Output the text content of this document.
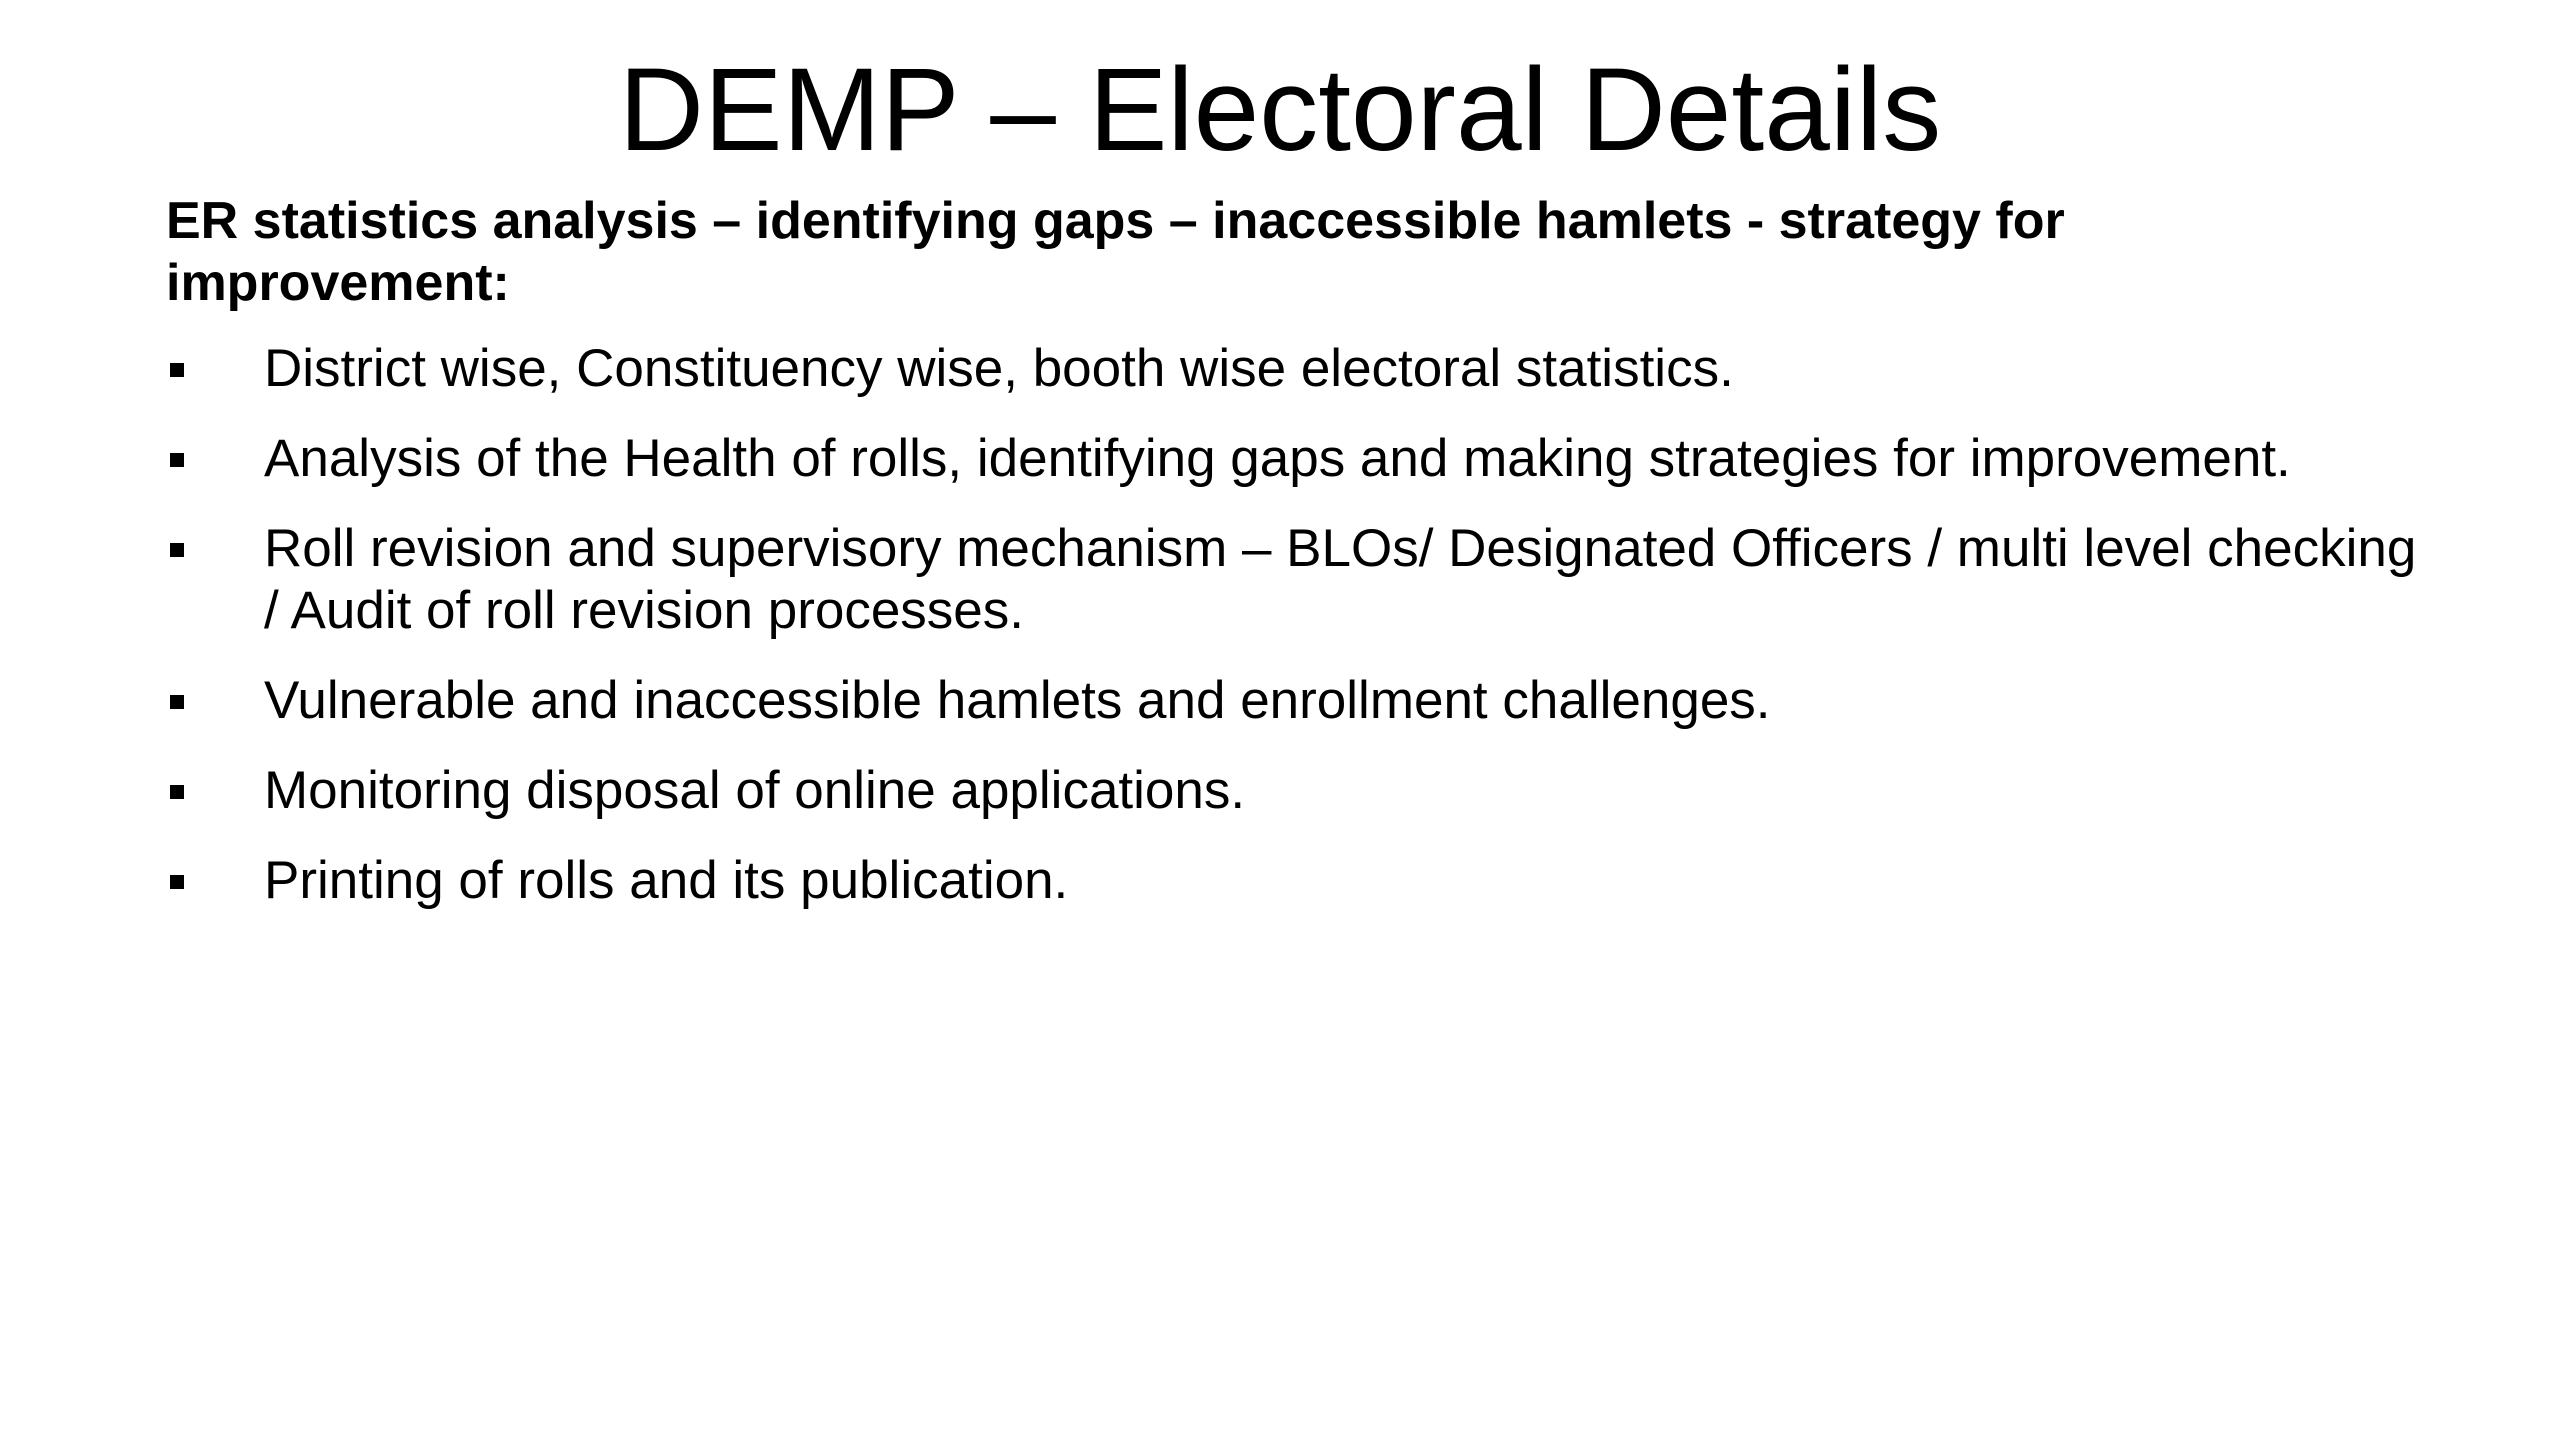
DEMP – Electoral Details
ER statistics analysis – identifying gaps – inaccessible hamlets - strategy for improvement:
District wise, Constituency wise, booth wise electoral statistics.
Analysis of the Health of rolls, identifying gaps and making strategies for improvement.
Roll revision and supervisory mechanism – BLOs/ Designated Officers / multi level checking / Audit of roll revision processes.
Vulnerable and inaccessible hamlets and enrollment challenges.
Monitoring disposal of online applications.
Printing of rolls and its publication.
